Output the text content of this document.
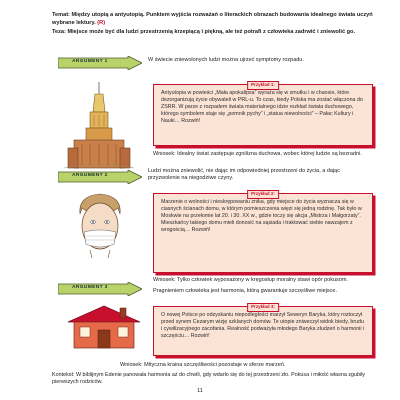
Temat: Między utopią a antyutopią. Punktem wyjścia rozważań o literackich obrazach budowania idealnego świata uczyń wybrane lektury. (R)

Teza: Miejsce może być dla ludzi przestrzenią krzepiącą i piękną, ale też potrafi z człowieka zadrwić i zniewolić go.

ARGUMENT 1	W świecie zniewolonych ludzi można ujrzeć symptomy rozpadu.
Przykład 1:
Antyutopia w powieści „Mała apokalipsa” wyraża się w smutku i w chaosie, które dezorganizują życie obywateli w PRL-u. To czas, kiedy Polska ma zostać włączona do ZSRR. W parze z rozpadem świata materialnego idzie rozkład świata duchowego, którego symbolem staje się „pomnik pychy” i „statua niewolności” – Pałac Kultury i Nauki… Rozwiń!
Wniosek: Idealny świat zastępuje zgnilizna duchowa, wobec której ludzie są bezradni.
ARGUMENT 2
Ludzi można zniewolić, nie dając im odpowiedniej przestrzeni do życia, a dając przyzwolenie na niegodziwe czyny.
Przykład 2:
Marzenie o wolności i nieskrępowaniu znika, gdy miejsce do życia wyznacza się w ciasnych ścianach domu, w którym pomieszczenia więzi się jedną rodzinę. Tak było w Moskwie na przełomie lat 20. i 30. XX w., gdzie toczy się akcja „Mistrza i Małgorzaty”. Mieszkańcy takiego domu mieli donosić na sąsiada i traktować siebie nawzajem z wrogością… Rozwiń!
Wniosek: Tylko człowiek wyposażony w kręgosłup moralny stawi opór pokusom.
ARGUMENT 3
Pragnieniem człowieka jest harmonia, którą gwarantuje szczęśliwe miejsce.
Przykład 3:
O nowej Polsce po odzyskaniu niepodległości marzył Seweryn Baryka, który roztoczył przed synem Cezarym wizję szklanych domów. Te utopie zniweczył widok biedy, brudu i cywilizacyjnego zacofania. Realność podważyła młodego Baryka złudzeń o harmonii i szczęściu… Rozwiń!
Wniosek: Mityczna kraina szczęśliwości pozostaje w sferze marzeń.
Kontekst: W biblijnym Edenie panowała harmonia aż do chwili, gdy wdarło się do tej przestrzeni zło. Pokusa i miłość własna zgubiły pierwszych rodziców.
11
